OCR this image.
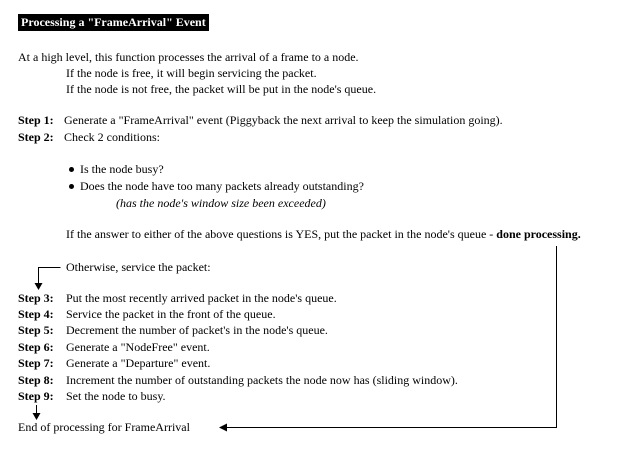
Processing a "FrameArrival" Event
At a high level, this function processes the arrival of a frame to a node.
If the node is free, it will begin servicing the packet.
If the node is not free, the packet will be put in the node's queue.
Step 1: Generate a "FrameArrival" event (Piggyback the next arrival to keep the simulation going).
Step 2: Check 2 conditions:
Is the node busy?
Does the node have too many packets already outstanding?
(has the node's window size been exceeded)
If the answer to either of the above questions is YES, put the packet in the node's queue - done processing.
Otherwise, service the packet:
Step 3: Put the most recently arrived packet in the node's queue.
Step 4: Service the packet in the front of the queue.
Step 5: Decrement the number of packet's in the node's queue.
Step 6: Generate a "NodeFree" event.
Step 7: Generate a "Departure" event.
Step 8: Increment the number of outstanding packets the node now has (sliding window).
Step 9: Set the node to busy.
End of processing for FrameArrival
